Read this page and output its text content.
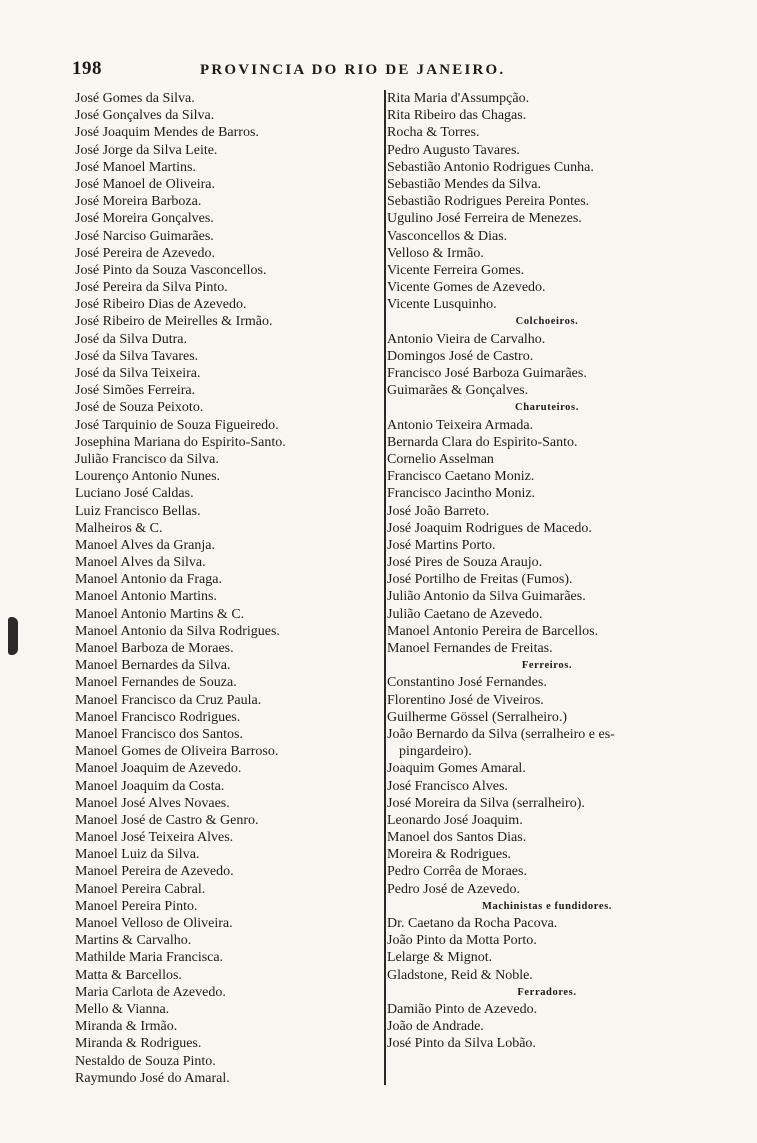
198	PROVINCIA DO RIO DE JANEIRO.
José Gomes da Silva.
José Gonçalves da Silva.
José Joaquim Mendes de Barros.
José Jorge da Silva Leite.
José Manoel Martins.
José Manoel de Oliveira.
José Moreira Barboza.
José Moreira Gonçalves.
José Narciso Guimarães.
José Pereira de Azevedo.
José Pinto da Souza Vasconcellos.
José Pereira da Silva Pinto.
José Ribeiro Dias de Azevedo.
José Ribeiro de Meirelles & Irmão.
José da Silva Dutra.
José da Silva Tavares.
José da Silva Teixeira.
José Simões Ferreira.
José de Souza Peixoto.
José Tarquinio de Souza Figueiredo.
Josephina Mariana do Espirito-Santo.
Julião Francisco da Silva.
Lourenço Antonio Nunes.
Luciano José Caldas.
Luiz Francisco Bellas.
Malheiros & C.
Manoel Alves da Granja.
Manoel Alves da Silva.
Manoel Antonio da Fraga.
Manoel Antonio Martins.
Manoel Antonio Martins & C.
Manoel Antonio da Silva Rodrigues.
Manoel Barboza de Moraes.
Manoel Bernardes da Silva.
Manoel Fernandes de Souza.
Manoel Francisco da Cruz Paula.
Manoel Francisco Rodrigues.
Manoel Francisco dos Santos.
Manoel Gomes de Oliveira Barroso.
Manoel Joaquim de Azevedo.
Manoel Joaquim da Costa.
Manoel José Alves Novaes.
Manoel José de Castro & Genro.
Manoel José Teixeira Alves.
Manoel Luiz da Silva.
Manoel Pereira de Azevedo.
Manoel Pereira Cabral.
Manoel Pereira Pinto.
Manoel Velloso de Oliveira.
Martins & Carvalho.
Mathilde Maria Francisca.
Matta & Barcellos.
Maria Carlota de Azevedo.
Mello & Vianna.
Miranda & Irmão.
Miranda & Rodrigues.
Nestaldo de Souza Pinto.
Raymundo José do Amaral.
Rita Maria d'Assumpção.
Rita Ribeiro das Chagas.
Rocha & Torres.
Pedro Augusto Tavares.
Sebastião Antonio Rodrigues Cunha.
Sebastião Mendes da Silva.
Sebastião Rodrigues Pereira Pontes.
Ugulino José Ferreira de Menezes.
Vasconcellos & Dias.
Velloso & Irmão.
Vicente Ferreira Gomes.
Vicente Gomes de Azevedo.
Vicente Lusquinho.
Colchoeiros.
Antonio Vieira de Carvalho.
Domingos José de Castro.
Francisco José Barboza Guimarães.
Guimarães & Gonçalves.
Charuteiros.
Antonio Teixeira Armada.
Bernarda Clara do Espirito-Santo.
Cornelio Asselman
Francisco Caetano Moniz.
Francisco Jacintho Moniz.
José João Barreto.
José Joaquim Rodrigues de Macedo.
José Martins Porto.
José Pires de Souza Araujo.
José Portilho de Freitas (Fumos).
Julião Antonio da Silva Guimarães.
Julião Caetano de Azevedo.
Manoel Antonio Pereira de Barcellos.
Manoel Fernandes de Freitas.
Ferreiros.
Constantino José Fernandes.
Florentino José de Viveiros.
Guilherme Gössel (Serralheiro.)
João Bernardo da Silva (serralheiro e es-
pingardeiro).
Joaquim Gomes Amaral.
José Francisco Alves.
José Moreira da Silva (serralheiro).
Leonardo José Joaquim.
Manoel dos Santos Dias.
Moreira & Rodrigues.
Pedro Corrêa de Moraes.
Pedro José de Azevedo.
Machinistas e fundidores.
Dr. Caetano da Rocha Pacova.
João Pinto da Motta Porto.
Lelarge & Mignot.
Gladstone, Reid & Noble.
Ferradores.
Damião Pinto de Azevedo.
João de Andrade.
José Pinto da Silva Lobão.
